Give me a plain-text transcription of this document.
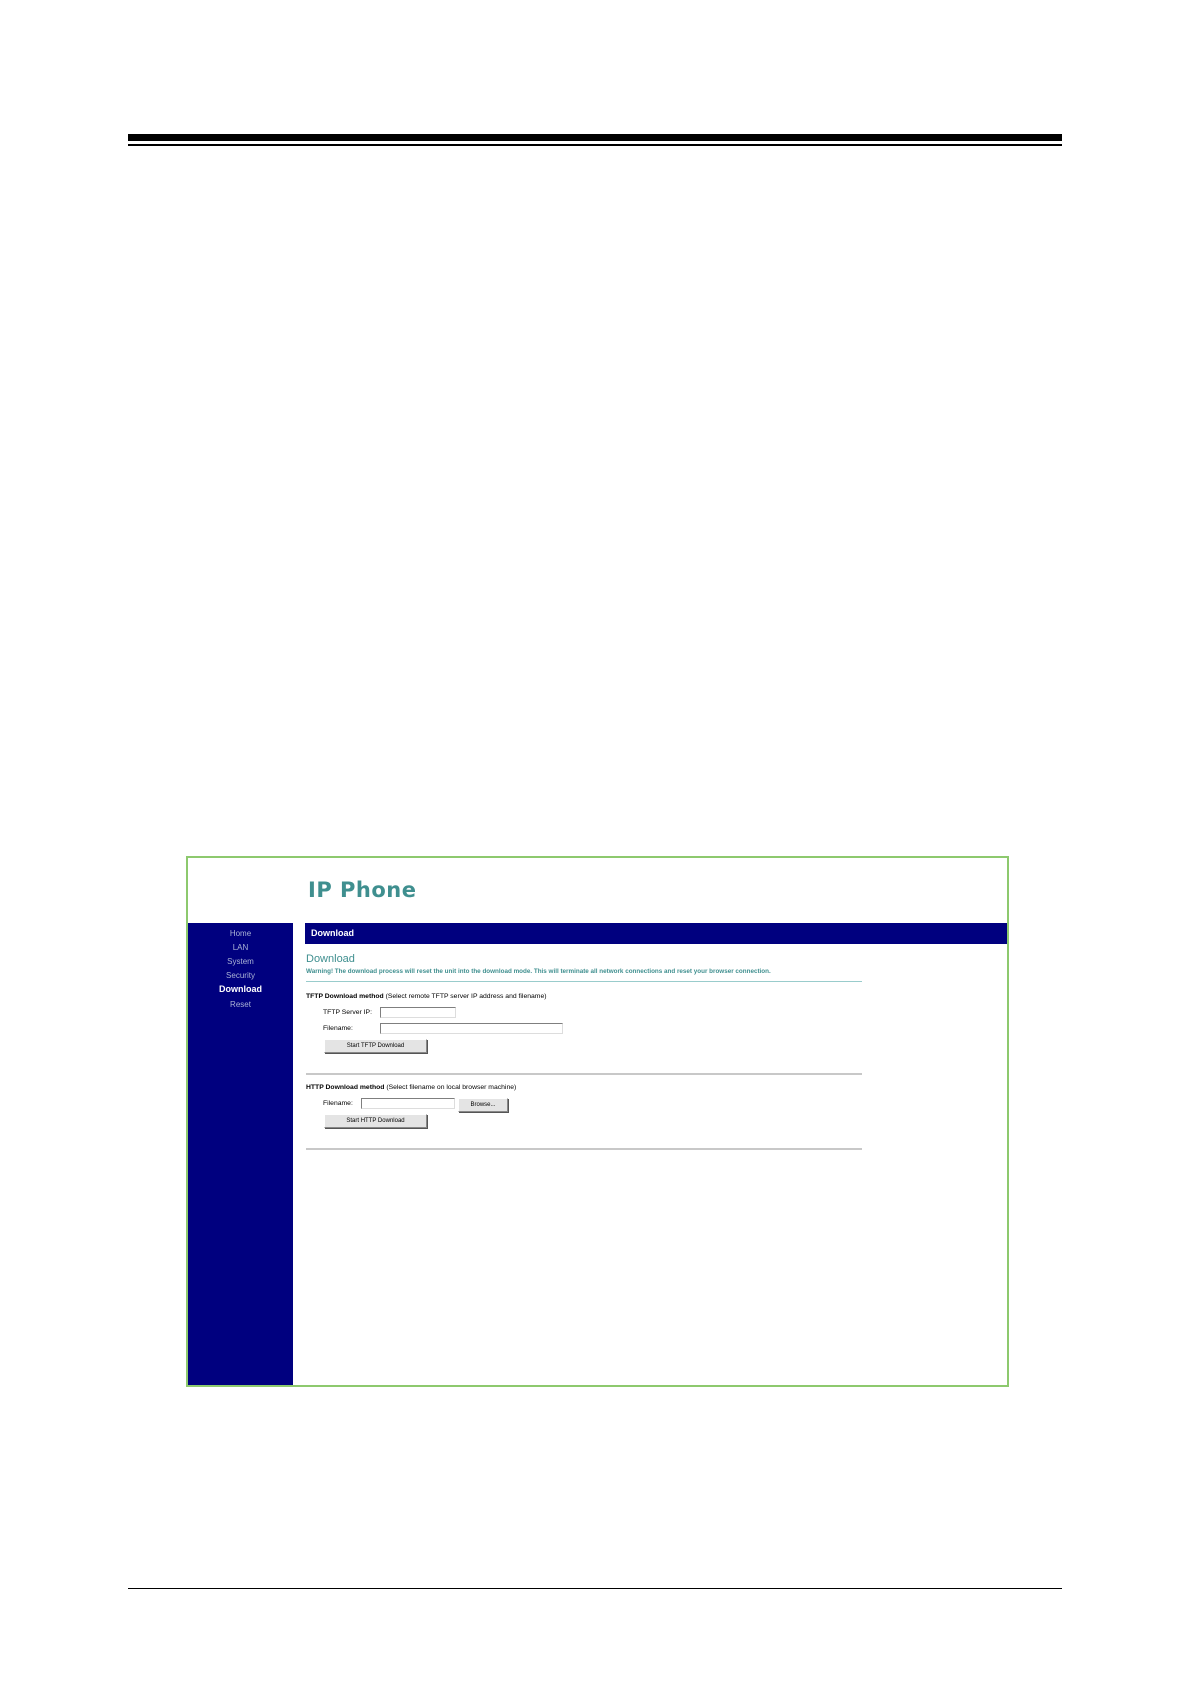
IP Phone
Home
LAN
System
Security
Download
Reset
Download
Download
Warning! The download process will reset the unit into the download mode. This will terminate all network connections and reset your browser connection.
TFTP Download method (Select remote TFTP server IP address and filename)
TFTP Server IP:
Filename:
Start TFTP Download
HTTP Download method (Select filename on local browser machine)
Filename:	Browse...
Start HTTP Download
